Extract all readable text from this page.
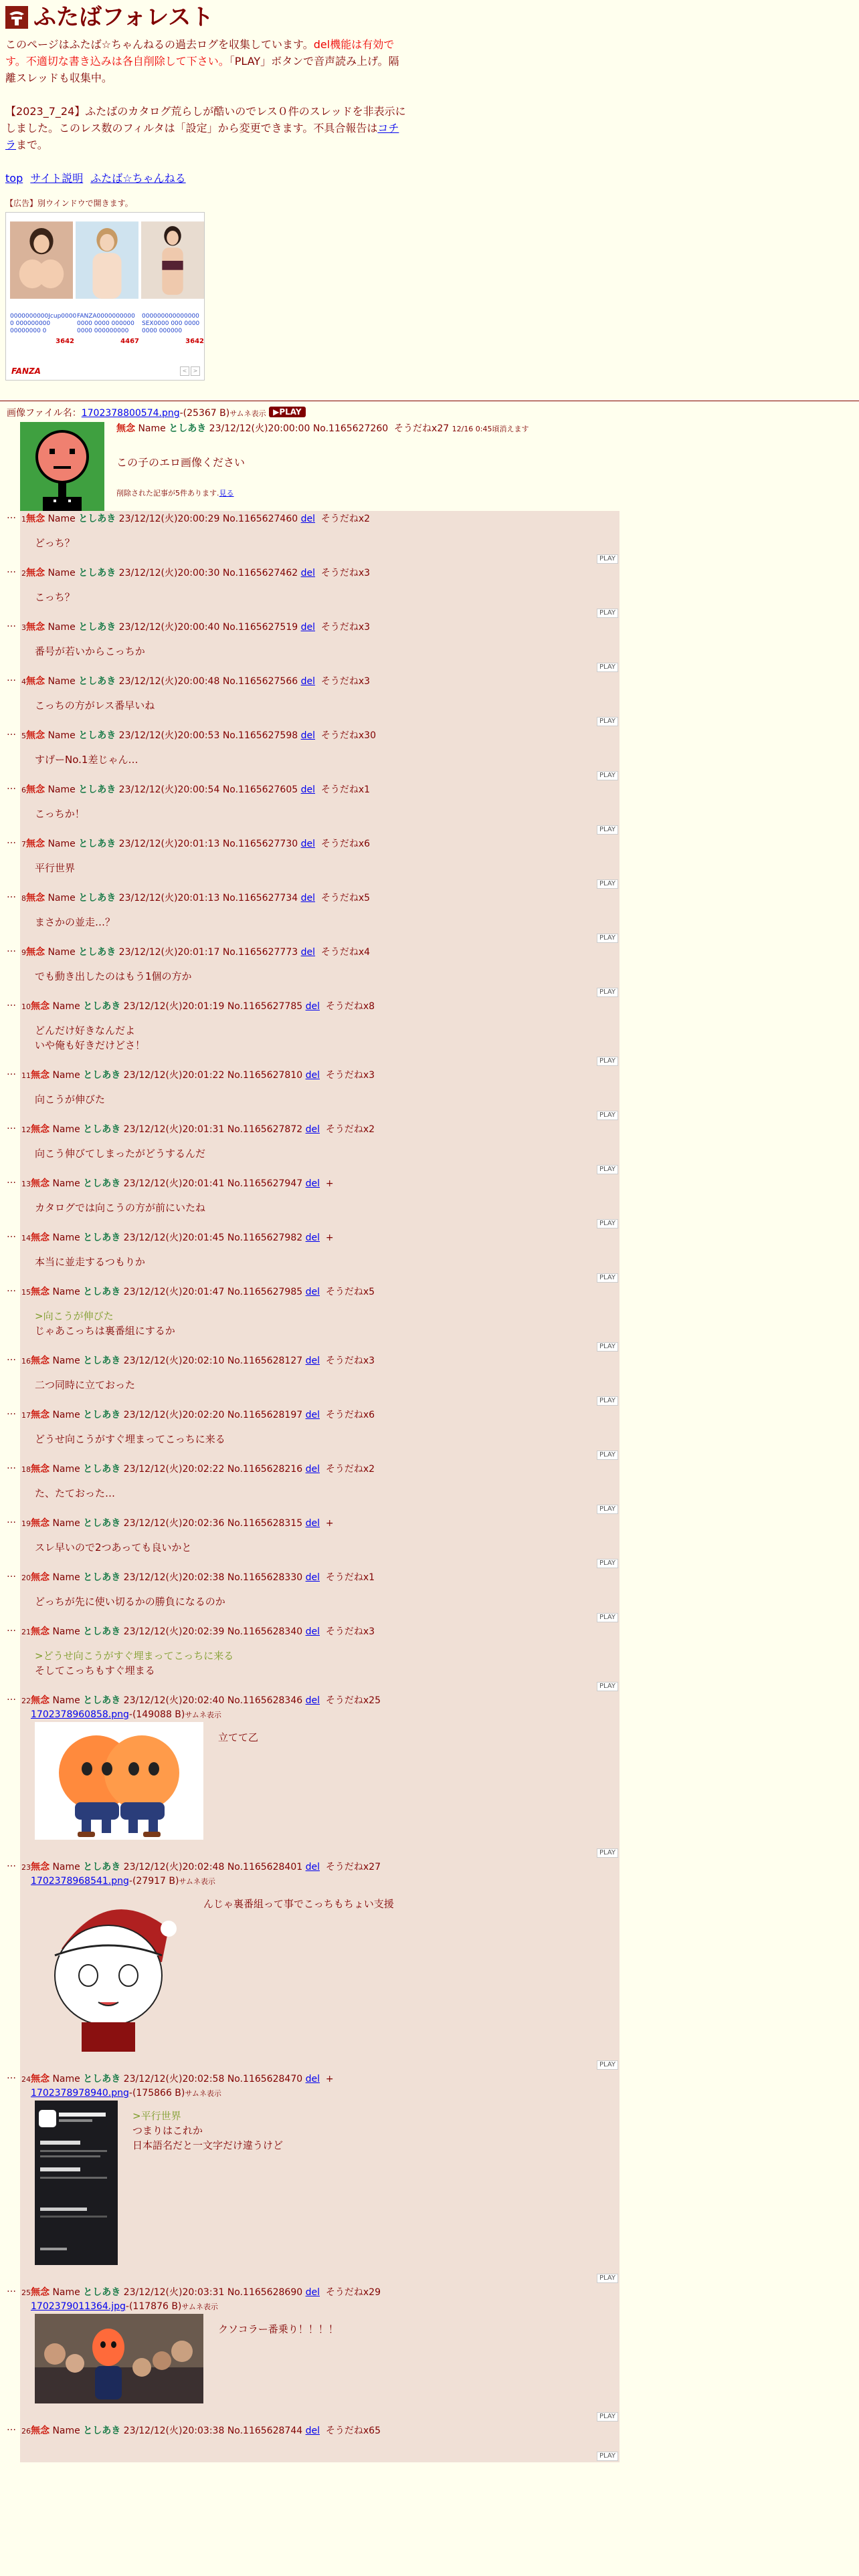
ふたばフォレスト

このページはふたば☆ちゃんねるの過去ログを収集しています。del機能は有効です。不適切な書き込みは各自削除して下さい。「PLAY」ボタンで音声読み上げ。隔離スレッドも収集中。

【2023_7_24】ふたばのカタログ荒らしが酷いのでレス０件のスレッドを非表示にしました。このレス数のフィルタは「設定」から変更できます。不具合報告はコチラまで。

top サイト説明 ふたば☆ちゃんねる
【広告】別ウインドウで開きます。
0000000000Jcup0000 0 000000000 00000000 0
3642
FANZA0000000000 0000 0000 000000 0000 000000000
4467
000000000000000 SEX0000 000 0000 0000 000000
3642
FANZA	<	>
画像ファイル名：1702378800574.png-(25367 B)サムネ表示 ▶PLAY
無念 Name としあき 23/12/12(火)20:00:00 No.1165627260 そうだねx27 12/16 0:45頃消えます
この子のエロ画像ください
削除された記事が5件あります.見る
… 1無念 Name としあき 23/12/12(火)20:00:29 No.1165627460 del そうだねx2
どっち？
PLAY
… 2無念 Name としあき 23/12/12(火)20:00:30 No.1165627462 del そうだねx3
こっち？
PLAY
… 3無念 Name としあき 23/12/12(火)20:00:40 No.1165627519 del そうだねx3
番号が若いからこっちか
PLAY
… 4無念 Name としあき 23/12/12(火)20:00:48 No.1165627566 del そうだねx3
こっちの方がレス番早いね
PLAY
… 5無念 Name としあき 23/12/12(火)20:00:53 No.1165627598 del そうだねx30
すげーNo.1差じゃん…
PLAY
… 6無念 Name としあき 23/12/12(火)20:00:54 No.1165627605 del そうだねx1
こっちか！
PLAY
… 7無念 Name としあき 23/12/12(火)20:01:13 No.1165627730 del そうだねx6
平行世界
PLAY
… 8無念 Name としあき 23/12/12(火)20:01:13 No.1165627734 del そうだねx5
まさかの並走…？
PLAY
… 9無念 Name としあき 23/12/12(火)20:01:17 No.1165627773 del そうだねx4
でも動き出したのはもう1個の方か
PLAY
… 10無念 Name としあき 23/12/12(火)20:01:19 No.1165627785 del そうだねx8
どんだけ好きなんだよ
いや俺も好きだけどさ！
PLAY
… 11無念 Name としあき 23/12/12(火)20:01:22 No.1165627810 del そうだねx3
向こうが伸びた
PLAY
… 12無念 Name としあき 23/12/12(火)20:01:31 No.1165627872 del そうだねx2
向こう伸びてしまったがどうするんだ
PLAY
… 13無念 Name としあき 23/12/12(火)20:01:41 No.1165627947 del +
カタログでは向こうの方が前にいたね
PLAY
… 14無念 Name としあき 23/12/12(火)20:01:45 No.1165627982 del +
本当に並走するつもりか
PLAY
… 15無念 Name としあき 23/12/12(火)20:01:47 No.1165627985 del そうだねx5
>向こうが伸びた
じゃあこっちは裏番組にするか
PLAY
… 16無念 Name としあき 23/12/12(火)20:02:10 No.1165628127 del そうだねx3
二つ同時に立ておった
PLAY
… 17無念 Name としあき 23/12/12(火)20:02:20 No.1165628197 del そうだねx6
どうせ向こうがすぐ埋まってこっちに来る
PLAY
… 18無念 Name としあき 23/12/12(火)20:02:22 No.1165628216 del そうだねx2
た、たておった…
PLAY
… 19無念 Name としあき 23/12/12(火)20:02:36 No.1165628315 del +
スレ早いので2つあっても良いかと
PLAY
… 20無念 Name としあき 23/12/12(火)20:02:38 No.1165628330 del そうだねx1
どっちが先に使い切るかの勝負になるのか
PLAY
… 21無念 Name としあき 23/12/12(火)20:02:39 No.1165628340 del そうだねx3
>どうせ向こうがすぐ埋まってこっちに来る
そしてこっちもすぐ埋まる
PLAY
… 22無念 Name としあき 23/12/12(火)20:02:40 No.1165628346 del そうだねx25
1702378960858.png-(149088 B)サムネ表示
立てて乙
PLAY
… 23無念 Name としあき 23/12/12(火)20:02:48 No.1165628401 del そうだねx27
1702378968541.png-(27917 B)サムネ表示
んじゃ裏番組って事でこっちもちょい支援
PLAY
… 24無念 Name としあき 23/12/12(火)20:02:58 No.1165628470 del +
1702378978940.png-(175866 B)サムネ表示
>平行世界
つまりはこれか
日本語名だと一文字だけ違うけど
PLAY
… 25無念 Name としあき 23/12/12(火)20:03:31 No.1165628690 del そうだねx29
1702379011364.jpg-(117876 B)サムネ表示
クソコラー番乗り！！！！
PLAY
… 26無念 Name としあき 23/12/12(火)20:03:38 No.1165628744 del そうだねx65
PLAY
